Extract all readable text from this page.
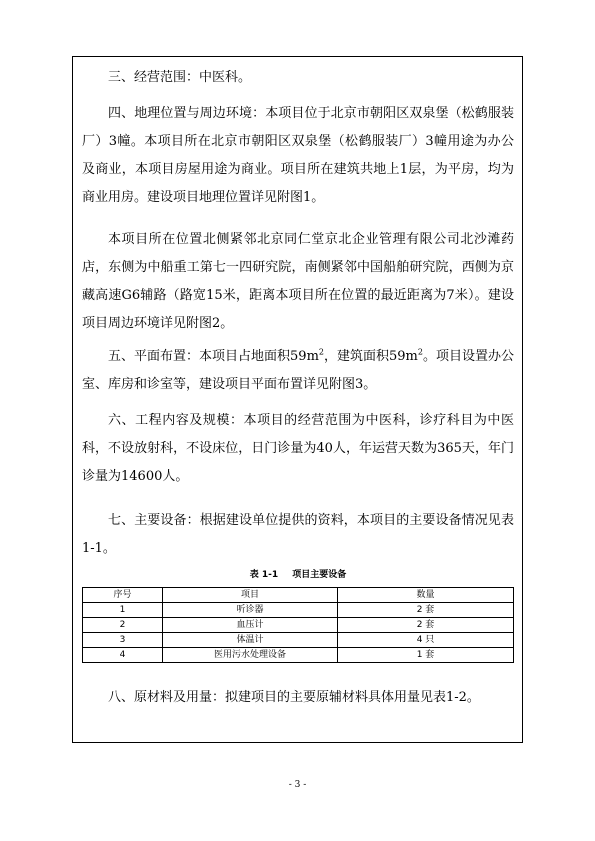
三、经营范围：中医科。

四、地理位置与周边环境：本项目位于北京市朝阳区双泉堡（松鹤服装厂）3幢。本项目所在北京市朝阳区双泉堡（松鹤服装厂）3幢用途为办公及商业，本项目房屋用途为商业。项目所在建筑共地上1层，为平房，均为商业用房。建设项目地理位置详见附图1。

本项目所在位置北侧紧邻北京同仁堂京北企业管理有限公司北沙滩药店，东侧为中船重工第七一四研究院，南侧紧邻中国船舶研究院，西侧为京藏高速G6辅路（路宽15米，距离本项目所在位置的最近距离为7米）。建设项目周边环境详见附图2。

五、平面布置：本项目占地面积$59m^2$，建筑面积$59m^2$。项目设置办公室、库房和诊室等，建设项目平面布置详见附图3。

六、工程内容及规模：本项目的经营范围为中医科，诊疗科目为中医科，不设放射科，不设床位，日门诊量为40人，年运营天数为365天，年门诊量为14600人。

七、主要设备：根据建设单位提供的资料，本项目的主要设备情况见表1-1。

表 1-1 项目主要设备
序号	项目	数量
1	听诊器	2 套
2	血压计	2 套
3	体温计	4 只
4	医用污水处理设备	1 套

八、原材料及用量：拟建项目的主要原辅材料具体用量见表1-2。

- 3 -
